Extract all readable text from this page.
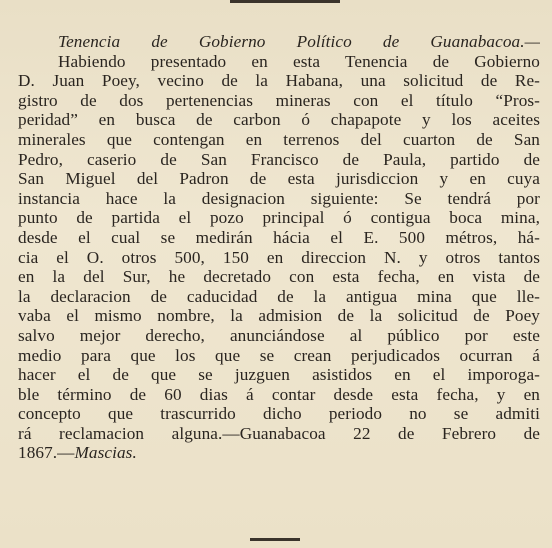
Tenencia de Gobierno Político de Guanabacoa.—
Habiendo presentado en esta Tenencia de Gobierno
D. Juan Poey, vecino de la Habana, una solicitud de Re-
gistro de dos pertenencias mineras con el título “Pros-
peridad” en busca de carbon ó chapapote y los aceites
minerales que contengan en terrenos del cuarton de San
Pedro, caserio de San Francisco de Paula, partido de
San Miguel del Padron de esta jurisdiccion y en cuya
instancia hace la designacion siguiente: Se tendrá por
punto de partida el pozo principal ó contigua boca mina,
desde el cual se medirán hácia el E. 500 métros, há-
cia el O. otros 500, 150 en direccion N. y otros tantos
en la del Sur, he decretado con esta fecha, en vista de
la declaracion de caducidad de la antigua mina que lle-
vaba el mismo nombre, la admision de la solicitud de Poey
salvo mejor derecho, anunciándose al público por este
medio para que los que se crean perjudicados ocurran á
hacer el de que se juzguen asistidos en el imporoga-
ble término de 60 dias á contar desde esta fecha, y en
concepto que trascurrido dicho periodo no se admiti
rá reclamacion alguna.—Guanabacoa 22 de Febrero de
1867.—Mascias.
